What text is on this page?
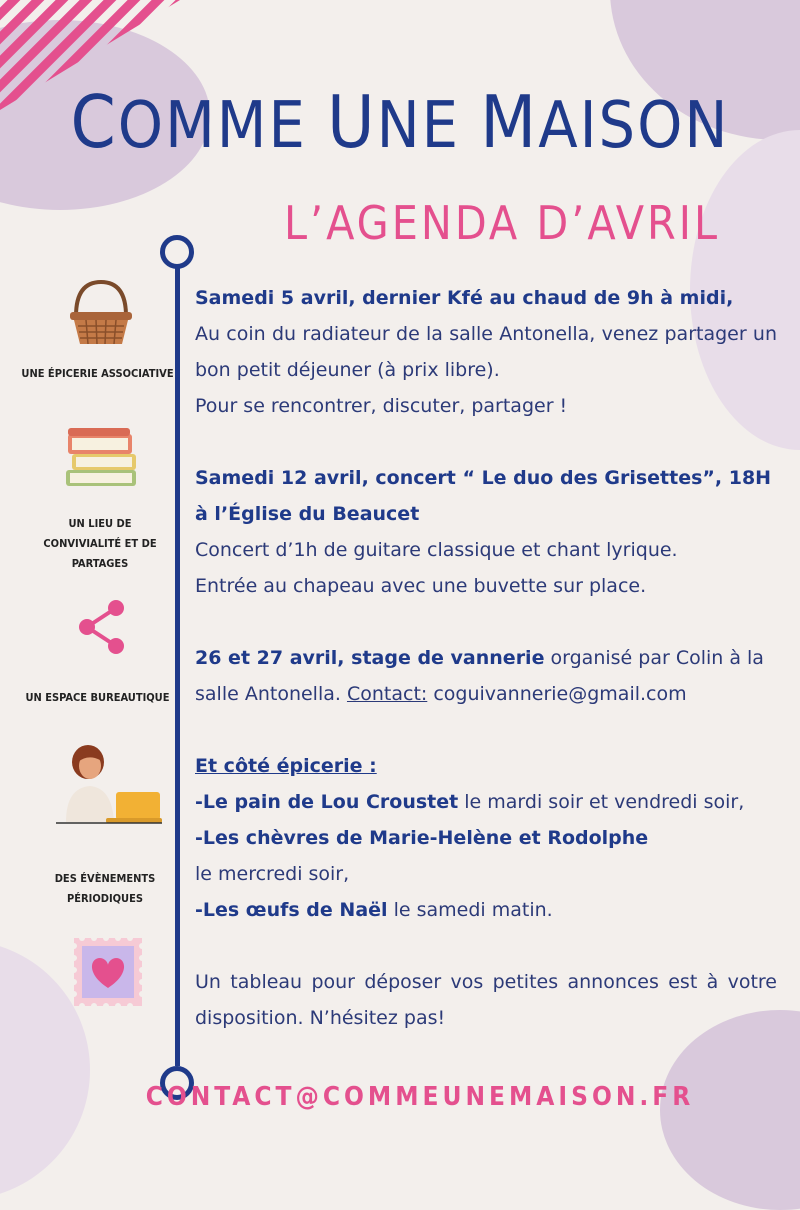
COMME UNE MAISON
L’AGENDA D’AVRIL
UNE ÉPICERIE ASSOCIATIVE
UN LIEU DE CONVIVIALITÉ ET DE PARTAGES
UN ESPACE BUREAUTIQUE
DES ÉVÈNEMENTS PÉRIODIQUES

Samedi 5 avril, dernier Kfé au chaud de 9h à midi,

Au coin du radiateur de la salle Antonella, venez partager un bon petit déjeuner (à prix libre).

Pour se rencontrer, discuter, partager !

Samedi 12 avril, concert “ Le duo des Grisettes”, 18H à l’Église du Beaucet

Concert d’1h de guitare classique et chant lyrique.

Entrée au chapeau avec une buvette sur place.

26 et 27 avril, stage de vannerie organisé par Colin à la salle Antonella. Contact: coguivannerie@gmail.com

Et côté épicerie :

-Le pain de Lou Croustet le mardi soir et vendredi soir,

-Les chèvres de Marie-Helène et Rodolphe

le mercredi soir,

-Les œufs de Naël le samedi matin.

Un tableau pour déposer vos petites annonces est à votre disposition. N’hésitez pas!

CONTACT@COMMEUNEMAISON.FR
